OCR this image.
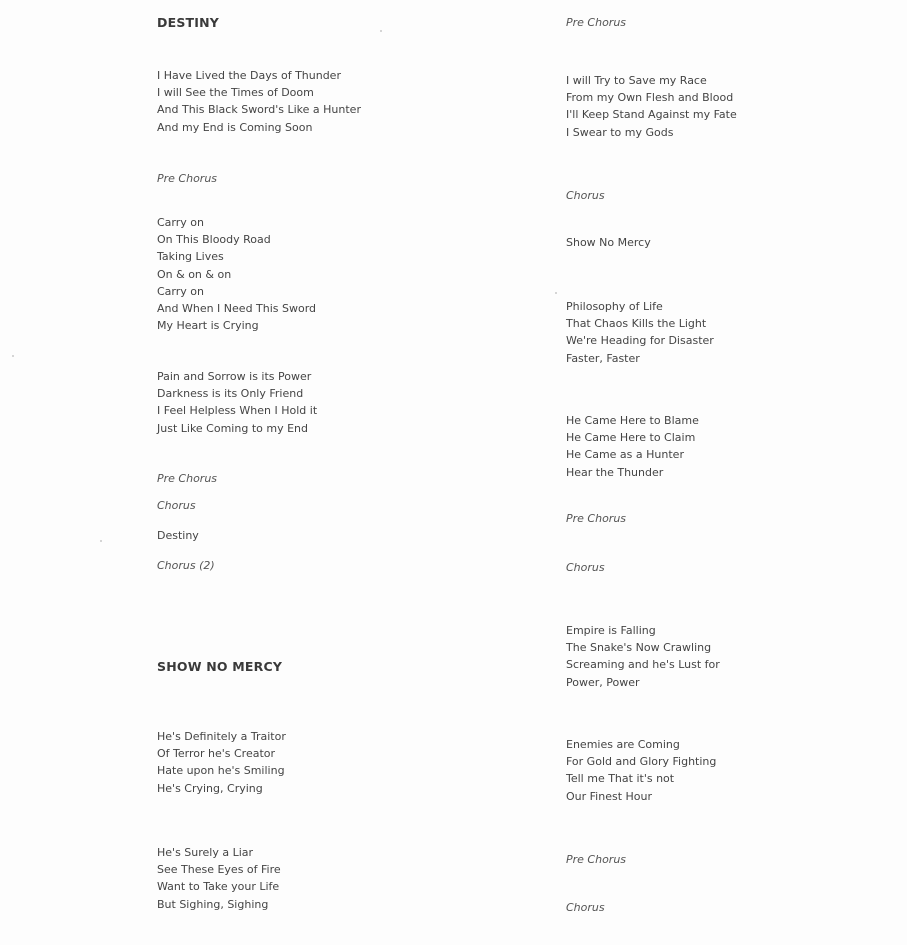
DESTINY
I Have Lived the Days of Thunder
I will See the Times of Doom
And This Black Sword's Like a Hunter
And my End is Coming Soon
Pre Chorus
Carry on
On This Bloody Road
Taking Lives
On & on & on
Carry on
And When I Need This Sword
My Heart is Crying
Pain and Sorrow is its Power
Darkness is its Only Friend
I Feel Helpless When I Hold it
Just Like Coming to my End
Pre Chorus
Chorus
Destiny
Chorus (2)
SHOW NO MERCY
He's Definitely a Traitor
Of Terror he's Creator
Hate upon he's Smiling
He's Crying, Crying
He's Surely a Liar
See These Eyes of Fire
Want to Take your Life
But Sighing, Sighing
Pre Chorus
I will Try to Save my Race
From my Own Flesh and Blood
I'll Keep Stand Against my Fate
I Swear to my Gods
Chorus
Show No Mercy
Philosophy of Life
That Chaos Kills the Light
We're Heading for Disaster
Faster, Faster
He Came Here to Blame
He Came Here to Claim
He Came as a Hunter
Hear the Thunder
Pre Chorus
Chorus
Empire is Falling
The Snake's Now Crawling
Screaming and he's Lust for
Power, Power
Enemies are Coming
For Gold and Glory Fighting
Tell me That it's not
Our Finest Hour
Pre Chorus
Chorus
